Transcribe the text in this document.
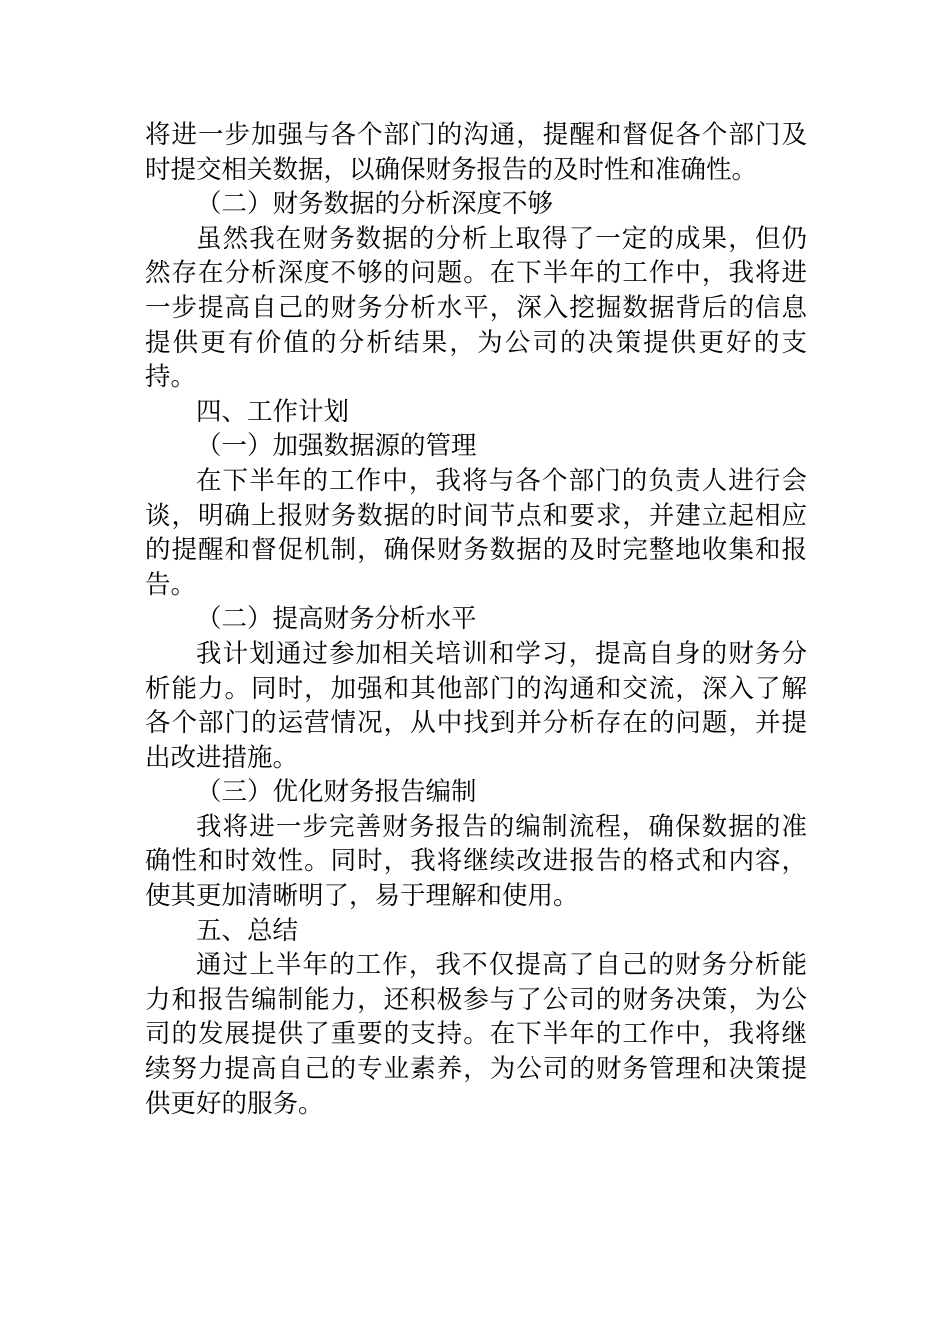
将进一步加强与各个部门的沟通，提醒和督促各个部门及时提交相关数据，以确保财务报告的及时性和准确性。

（二）财务数据的分析深度不够

虽然我在财务数据的分析上取得了一定的成果，但仍然存在分析深度不够的问题。在下半年的工作中，我将进一步提高自己的财务分析水平，深入挖掘数据背后的信息提供更有价值的分析结果，为公司的决策提供更好的支持。

四、工作计划

（一）加强数据源的管理

在下半年的工作中，我将与各个部门的负责人进行会谈，明确上报财务数据的时间节点和要求，并建立起相应的提醒和督促机制，确保财务数据的及时完整地收集和报告。

（二）提高财务分析水平

我计划通过参加相关培训和学习，提高自身的财务分析能力。同时，加强和其他部门的沟通和交流，深入了解各个部门的运营情况，从中找到并分析存在的问题，并提出改进措施。

（三）优化财务报告编制

我将进一步完善财务报告的编制流程，确保数据的准确性和时效性。同时，我将继续改进报告的格式和内容，使其更加清晰明了，易于理解和使用。

五、总结

通过上半年的工作，我不仅提高了自己的财务分析能力和报告编制能力，还积极参与了公司的财务决策，为公司的发展提供了重要的支持。在下半年的工作中，我将继续努力提高自己的专业素养，为公司的财务管理和决策提供更好的服务。
